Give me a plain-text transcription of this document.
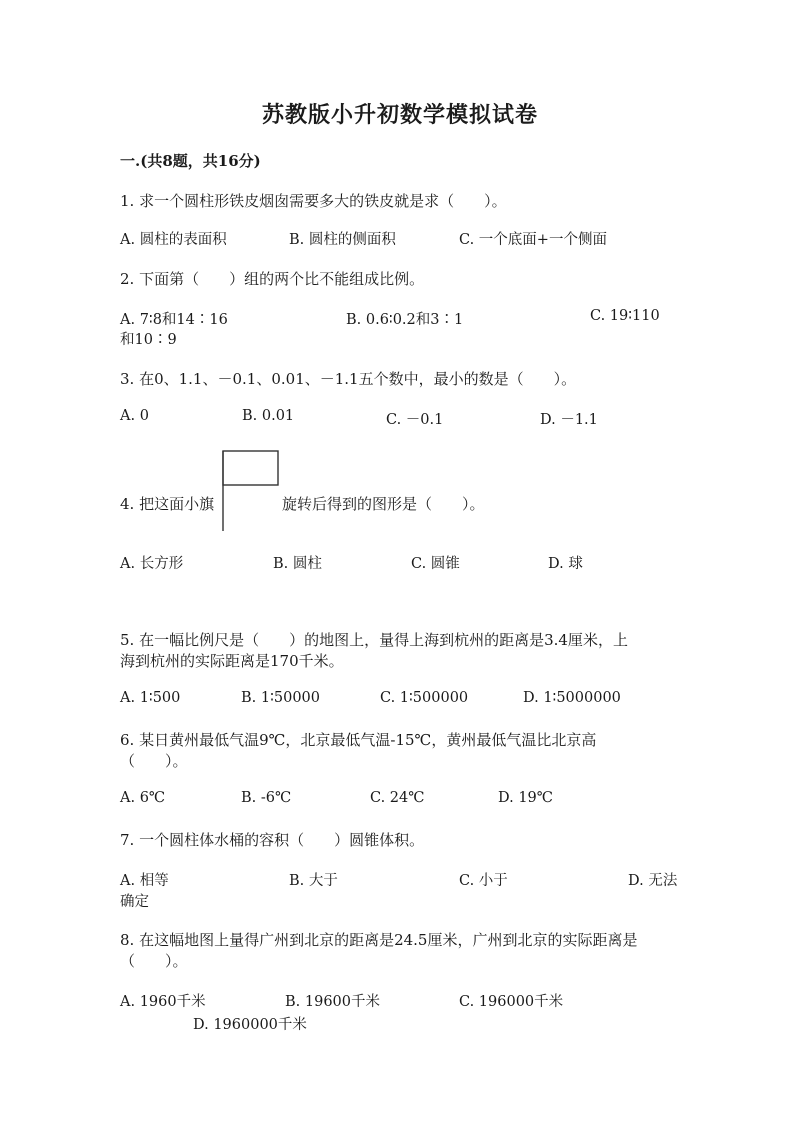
苏教版小升初数学模拟试卷
一.(共8题，共16分)
1. 求一个圆柱形铁皮烟囱需要多大的铁皮就是求（　　）。
A. 圆柱的表面积	B. 圆柱的侧面积	C. 一个底面+一个侧面
2. 下面第（　　）组的两个比不能组成比例。
A. 7∶8和14∶16	B. 0.6∶0.2和3∶1	C. 19∶110
和10∶9
3. 在0、1.1、－0.1、0.01、－1.1五个数中，最小的数是（　　）。
A. 0	B. 0.01	C. －0.1	D. －1.1
4. 把这面小旗	旋转后得到的图形是（　　）。
A. 长方形	B. 圆柱	C. 圆锥	D. 球
5. 在一幅比例尺是（　　）的地图上，量得上海到杭州的距离是3.4厘米，上
海到杭州的实际距离是170千米。
A. 1∶500	B. 1∶50000	C. 1∶500000	D. 1∶5000000
6. 某日黄州最低气温9℃，北京最低气温-15℃，黄州最低气温比北京高
（　　）。
A. 6℃	B. -6℃	C. 24℃	D. 19℃
7. 一个圆柱体水桶的容积（　　）圆锥体积。
A. 相等	B. 大于	C. 小于	D. 无法
确定
8. 在这幅地图上量得广州到北京的距离是24.5厘米，广州到北京的实际距离是
（　　）。
A. 1960千米	B. 19600千米	C. 196000千米
D. 1960000千米
